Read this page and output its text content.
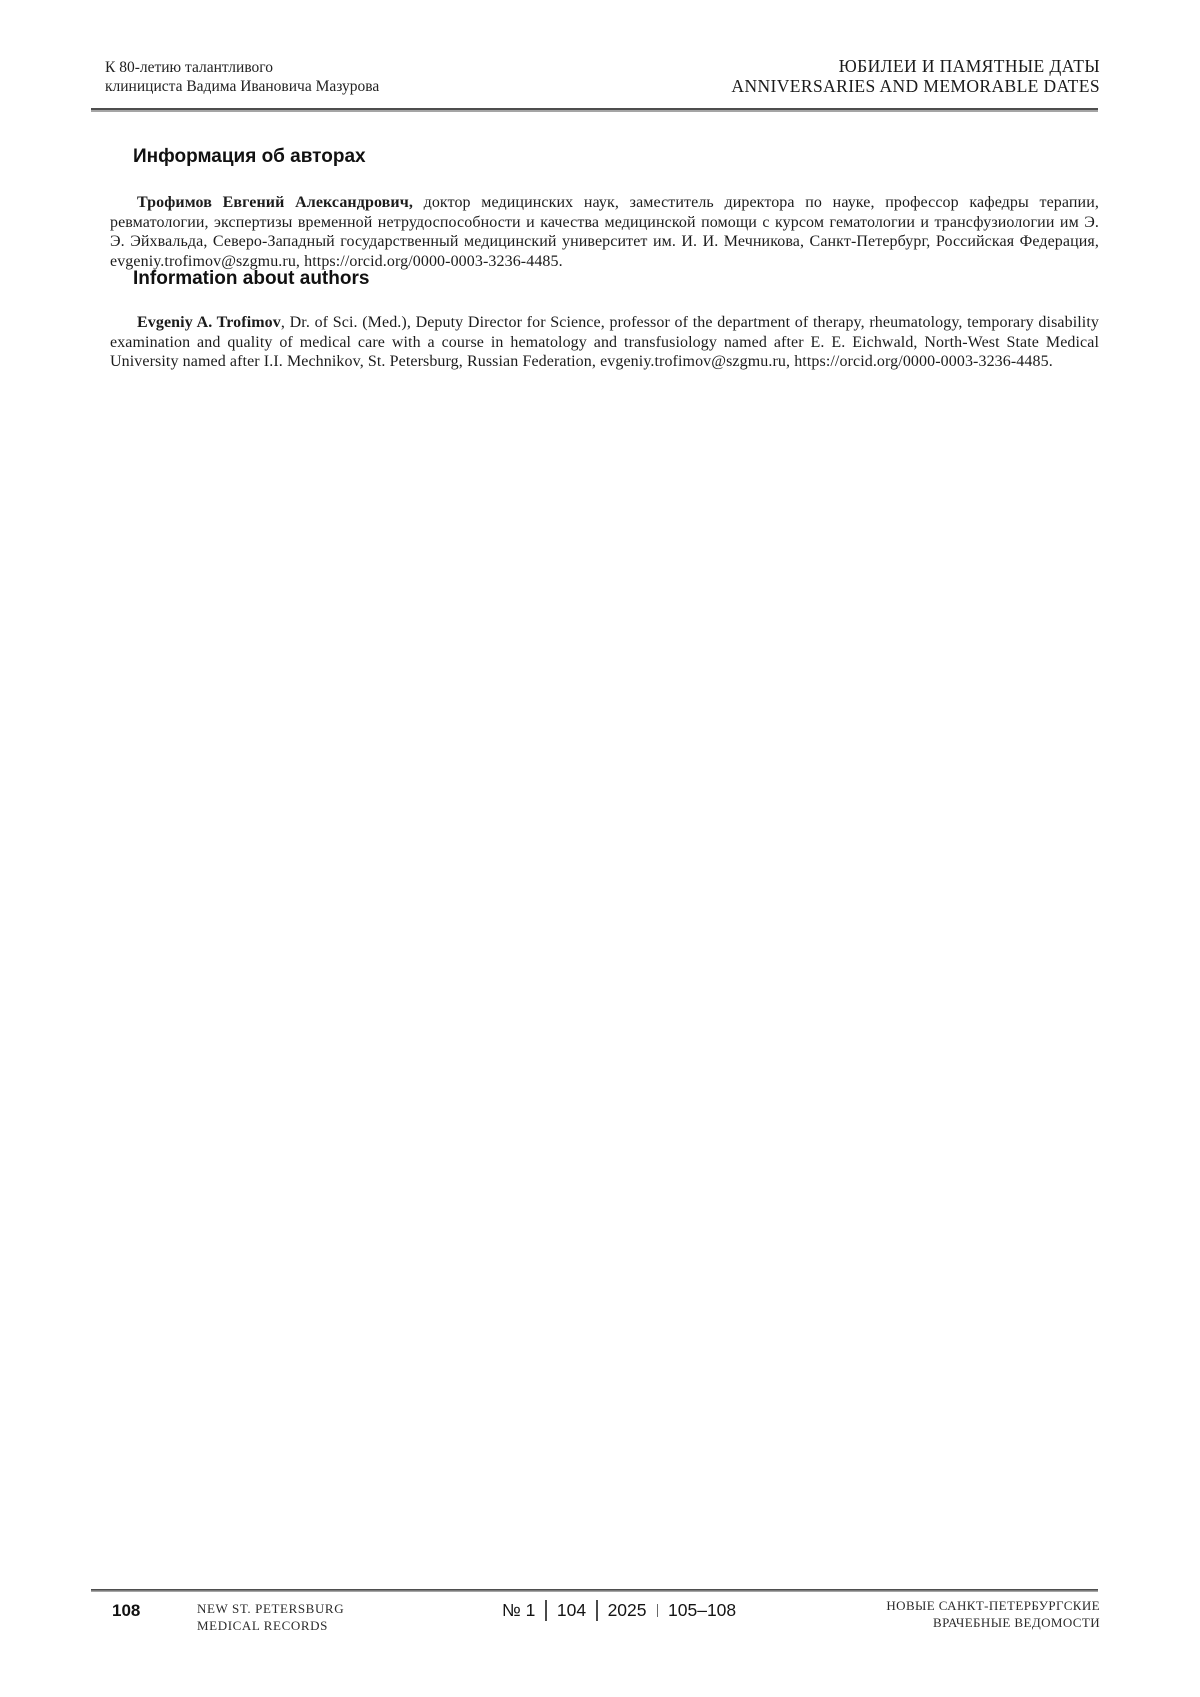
К 80-летию талантливого
клинициста Вадима Ивановича Мазурова
ЮБИЛЕИ И ПАМЯТНЫЕ ДАТЫ
ANNIVERSARIES AND MEMORABLE DATES
Информация об авторах

Трофимов Евгений Александрович, доктор медицинских наук, заместитель директора по науке, профессор кафедры терапии, ревматологии, экспертизы временной нетрудоспособности и качества медицинской помощи с курсом гематологии и трансфузиологии им Э. Э. Эйхвальда, Северо-Западный государственный медицинский университет им. И. И. Мечникова, Санкт-Петербург, Российская Федерация, evgeniy.trofimov@szgmu.ru, https://orcid.org/0000-0003-3236-4485.

Information about authors

Evgeniy A. Trofimov, Dr. of Sci. (Med.), Deputy Director for Science, professor of the department of therapy, rheumatology, temporary disability examination and quality of medical care with a course in hematology and transfusiology named after E. E. Eichwald, North-West State Medical University named after I.I. Mechnikov, St. Petersburg, Russian Federation, evgeniy.trofimov@szgmu.ru, https://orcid.org/0000-0003-3236-4485.

108	NEW ST. PETERSBURG
MEDICAL RECORDS
№ 1 104 2025 105–108	НОВЫЕ САНКТ-ПЕТЕРБУРГСКИЕ
ВРАЧЕБНЫЕ ВЕДОМОСТИ
